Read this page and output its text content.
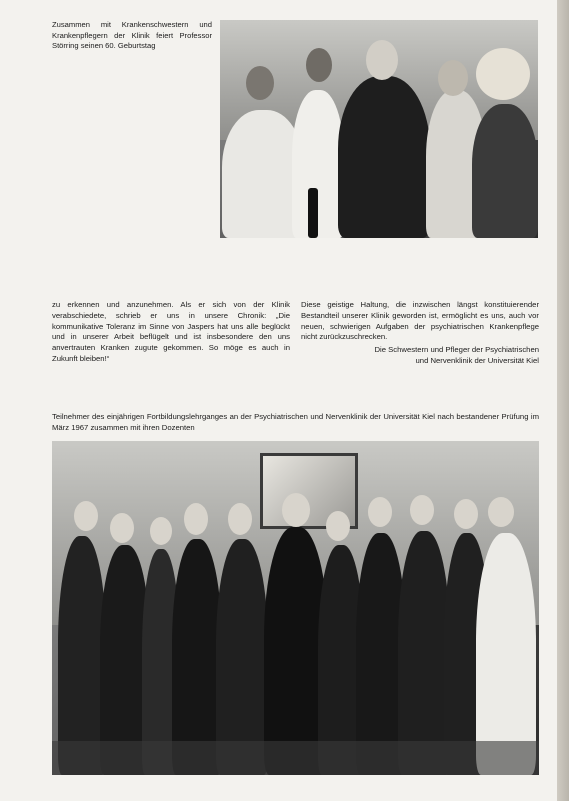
Zusammen mit Krankenschwestern und Krankenpflegern der Klinik feiert Professor Störring seinen 60. Geburtstag
zu erkennen und anzunehmen. Als er sich von der Klinik verabschiedete, schrieb er uns in unsere Chronik: „Die kommunikative Toleranz im Sinne von Jaspers hat uns alle beglückt und in unserer Arbeit beflügelt und ist insbesondere den uns anvertrauten Kranken zugute gekommen. So möge es auch in Zukunft bleiben!“
Diese geistige Haltung, die inzwischen längst konstituierender Bestandteil unserer Klinik geworden ist, ermöglicht es uns, auch vor neuen, schwierigen Aufgaben der psychiatrischen Krankenpflege nicht zurückzuschrecken.
Die Schwestern und Pfleger der Psychiatrischen
und Nervenklinik der Universität Kiel
Teilnehmer des einjährigen Fortbildungslehrganges an der Psychiatrischen und Nervenklinik der Universität Kiel nach bestandener Prüfung im März 1967 zusammen mit ihren Dozenten
